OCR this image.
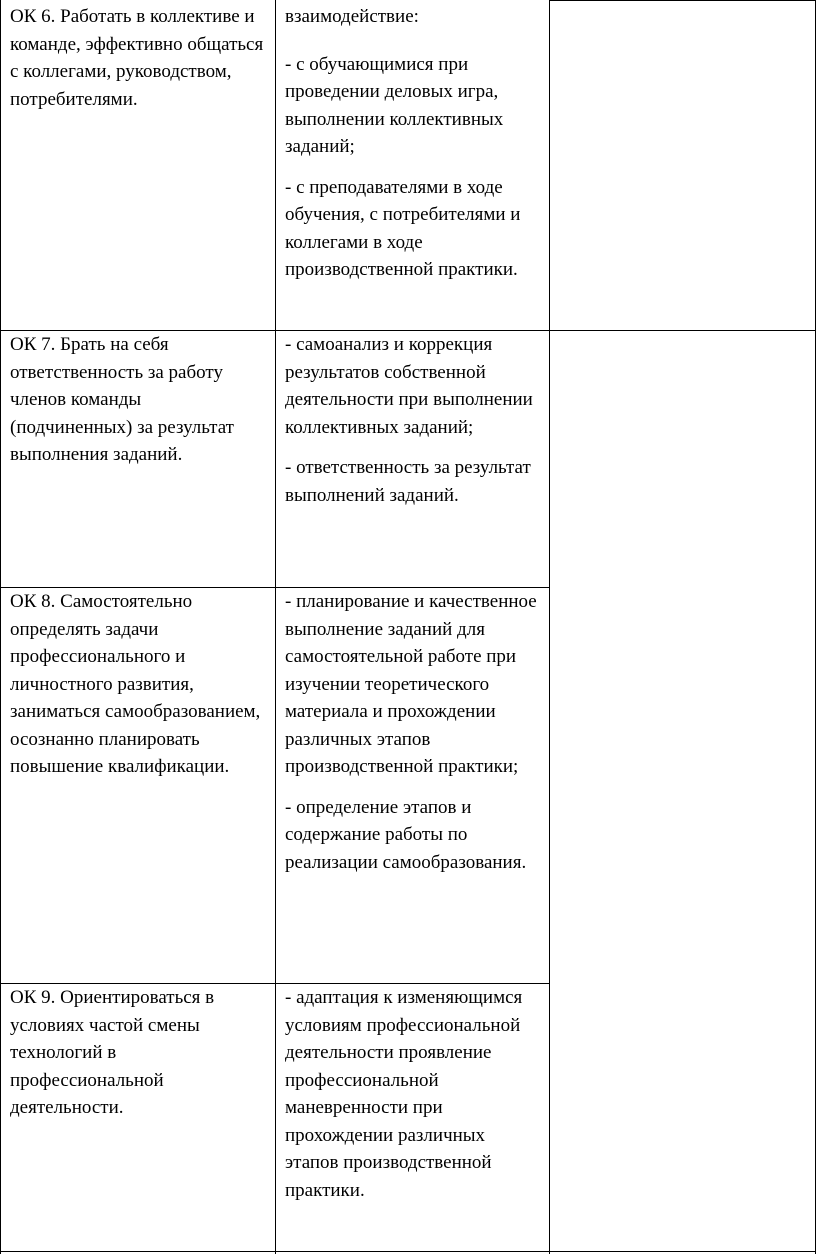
ОК 6. Работать в коллективе и команде, эффективно общаться с коллегами, руководством, потребителями.

взаимодействие:

- с обучающимися при проведении деловых игра, выполнении коллективных заданий;

- с преподавателями в ходе обучения, с потребителями и коллегами в ходе производственной практики.

ОК 7. Брать на себя ответственность за работу членов команды (подчиненных) за результат выполнения заданий.

- самоанализ и коррекция результатов собственной деятельности при выполнении коллективных заданий;

- ответственность за результат выполнений заданий.

ОК 8. Самостоятельно определять задачи профессионального и личностного развития, заниматься самообразованием, осознанно планировать повышение квалификации.

- планирование и качественное выполнение заданий для самостоятельной работе при изучении теоретического материала и прохождении различных этапов производственной практики;

- определение этапов и содержание работы по реализации самообразования.

ОК 9. Ориентироваться в условиях частой смены технологий в профессиональной деятельности.

- адаптация к изменяющимся условиям профессиональной деятельности проявление профессиональной маневренности при прохождении различных этапов производственной практики.
